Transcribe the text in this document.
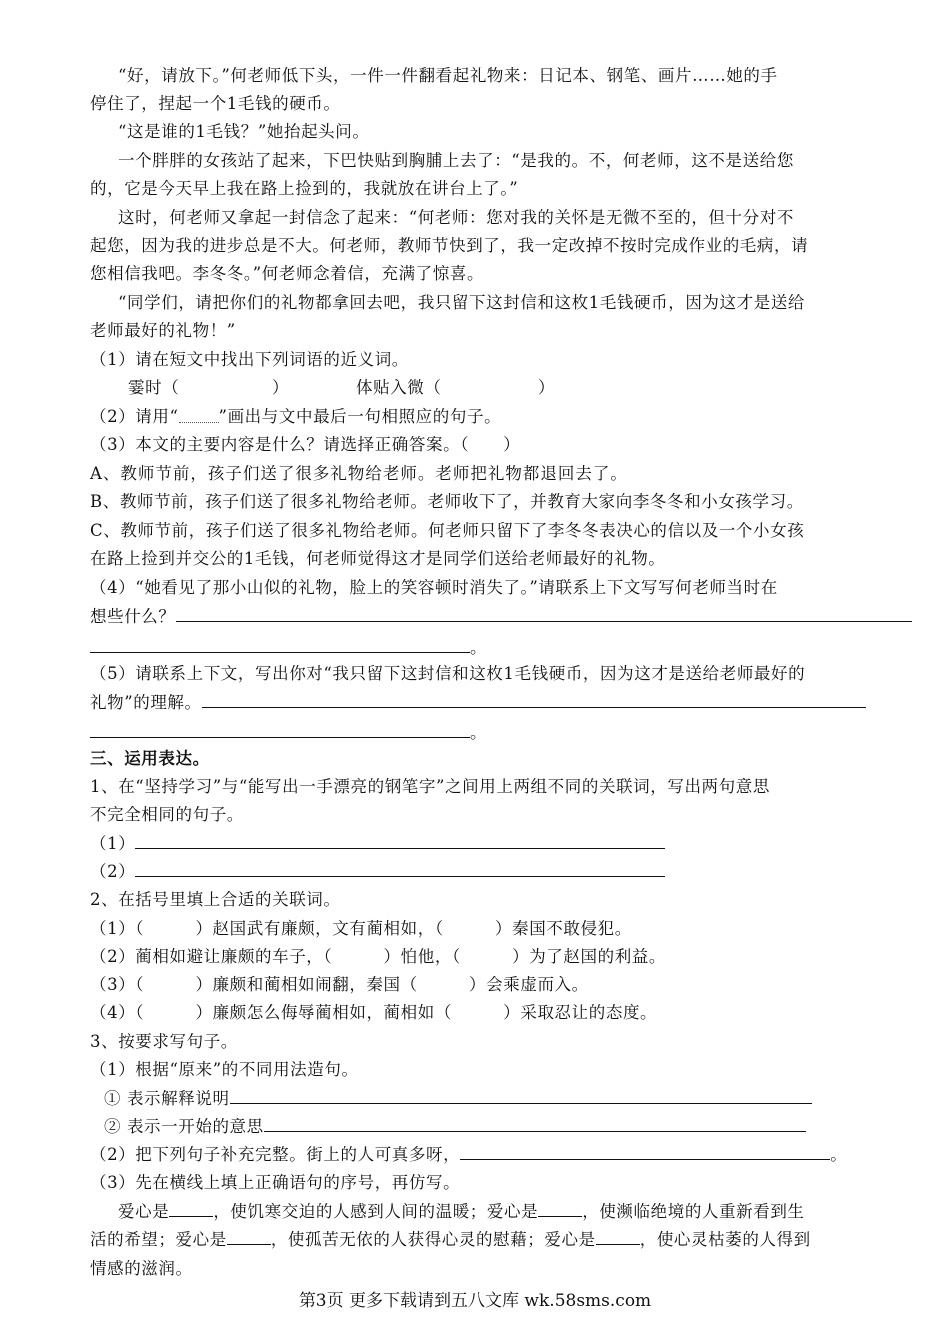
“好，请放下。”何老师低下头，一件一件翻看起礼物来：日记本、钢笔、画片……她的手
停住了，捏起一个1毛钱的硬币。
“这是谁的1毛钱？”她抬起头问。
一个胖胖的女孩站了起来，下巴快贴到胸脯上去了：“是我的。不，何老师，这不是送给您
的，它是今天早上我在路上捡到的，我就放在讲台上了。”
这时，何老师又拿起一封信念了起来：“何老师：您对我的关怀是无微不至的，但十分对不
起您，因为我的进步总是不大。何老师，教师节快到了，我一定改掉不按时完成作业的毛病，请
您相信我吧。李冬冬。”何老师念着信，充满了惊喜。
“同学们，请把你们的礼物都拿回去吧，我只留下这封信和这枚1毛钱硬币，因为这才是送给
老师最好的礼物！”
（1）请在短文中找出下列词语的近义词。
霎时（	）	体贴入微（	）
（2）请用“ ”画出与文中最后一句相照应的句子。
（3）本文的主要内容是什么？请选择正确答案。（　　）
A、教师节前，孩子们送了很多礼物给老师。老师把礼物都退回去了。
B、教师节前，孩子们送了很多礼物给老师。老师收下了，并教育大家向李冬冬和小女孩学习。
C、教师节前，孩子们送了很多礼物给老师。何老师只留下了李冬冬表决心的信以及一个小女孩
在路上捡到并交公的1毛钱，何老师觉得这才是同学们送给老师最好的礼物。
（4）“她看见了那小山似的礼物，脸上的笑容顿时消失了。”请联系上下文写写何老师当时在
想些什么？
。
（5）请联系上下文，写出你对“我只留下这封信和这枚1毛钱硬币，因为这才是送给老师最好的
礼物”的理解。
。
三、运用表达。
1、在“坚持学习”与“能写出一手漂亮的钢笔字”之间用上两组不同的关联词，写出两句意思
不完全相同的句子。
（1）
（2）
2、在括号里填上合适的关联词。
（1）（　　　）赵国武有廉颇，文有蔺相如，（　　　）秦国不敢侵犯。
（2）蔺相如避让廉颇的车子，（　　　）怕他，（　　　）为了赵国的利益。
（3）（　　　）廉颇和蔺相如闹翻，秦国（　　　）会乘虚而入。
（4）（　　　）廉颇怎么侮辱蔺相如，蔺相如（　　　）采取忍让的态度。
3、按要求写句子。
（1）根据“原来”的不同用法造句。
① 表示解释说明
② 表示一开始的意思
（2）把下列句子补充完整。街上的人可真多呀，	。
（3）先在横线上填上正确语句的序号，再仿写。
爱心是	，使饥寒交迫的人感到人间的温暖；爱心是	，使濒临绝境的人重新看到生
活的希望；爱心是	，使孤苦无依的人获得心灵的慰藉；爱心是	，使心灵枯萎的人得到
情感的滋润。
第3页 更多下载请到五八文库 wk.58sms.com
